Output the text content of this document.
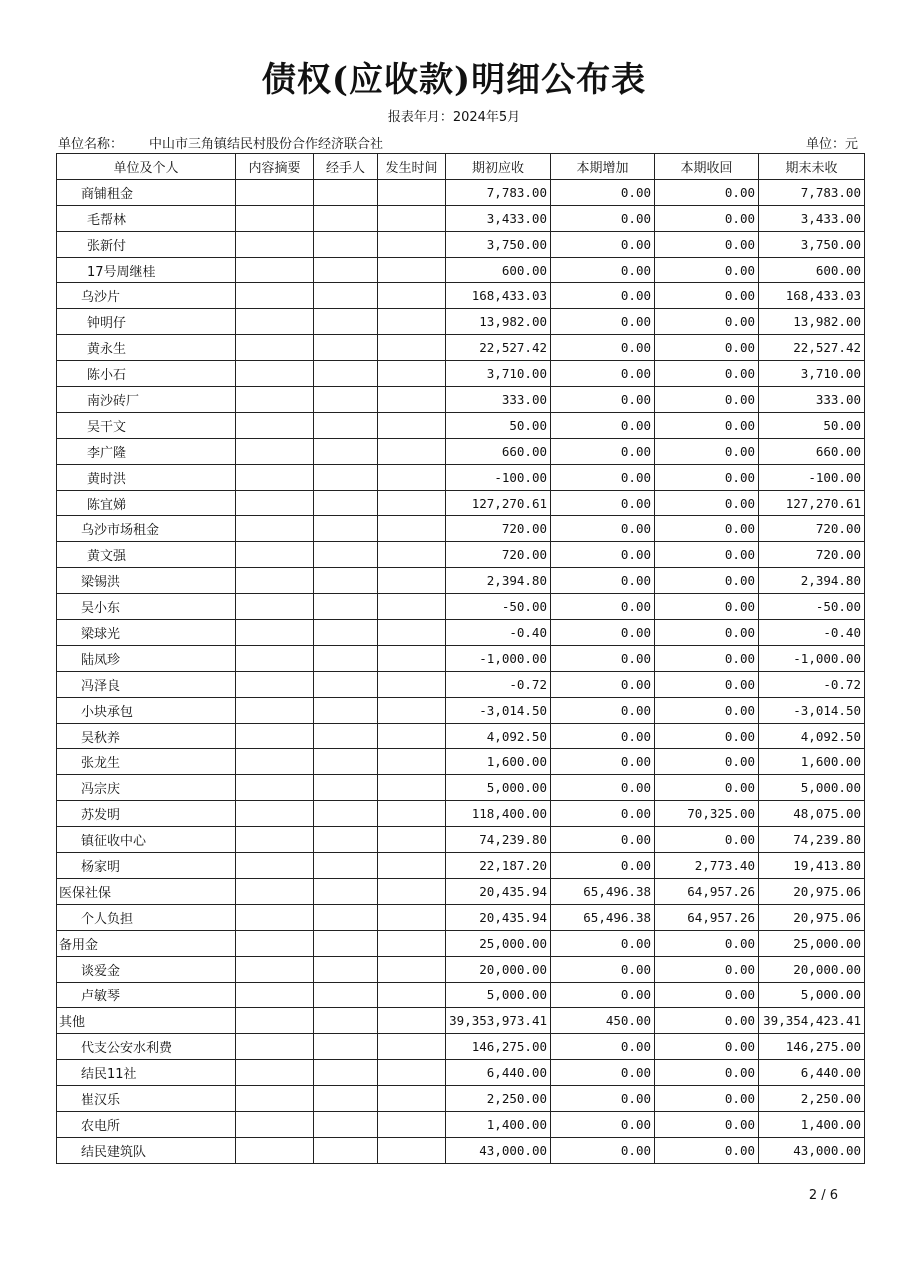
债权(应收款)明细公布表
报表年月：2024年5月
单位名称： 中山市三角镇结民村股份合作经济联合社	单位：元
单位及个人	内容摘要	经手人	发生时间	期初应收	本期增加	本期收回	期末未收
商铺租金				7,783.00	0.00	0.00	7,783.00
毛帮林				3,433.00	0.00	0.00	3,433.00
张新付				3,750.00	0.00	0.00	3,750.00
17号周继桂				600.00	0.00	0.00	600.00
乌沙片				168,433.03	0.00	0.00	168,433.03
钟明仔				13,982.00	0.00	0.00	13,982.00
黄永生				22,527.42	0.00	0.00	22,527.42
陈小石				3,710.00	0.00	0.00	3,710.00
南沙砖厂				333.00	0.00	0.00	333.00
吴干文				50.00	0.00	0.00	50.00
李广隆				660.00	0.00	0.00	660.00
黄时洪				-100.00	0.00	0.00	-100.00
陈宜娣				127,270.61	0.00	0.00	127,270.61
乌沙市场租金				720.00	0.00	0.00	720.00
黄文强				720.00	0.00	0.00	720.00
梁锡洪				2,394.80	0.00	0.00	2,394.80
吴小东				-50.00	0.00	0.00	-50.00
梁球光				-0.40	0.00	0.00	-0.40
陆凤珍				-1,000.00	0.00	0.00	-1,000.00
冯泽良				-0.72	0.00	0.00	-0.72
小块承包				-3,014.50	0.00	0.00	-3,014.50
吴秋养				4,092.50	0.00	0.00	4,092.50
张龙生				1,600.00	0.00	0.00	1,600.00
冯宗庆				5,000.00	0.00	0.00	5,000.00
苏发明				118,400.00	0.00	70,325.00	48,075.00
镇征收中心				74,239.80	0.00	0.00	74,239.80
杨家明				22,187.20	0.00	2,773.40	19,413.80
医保社保				20,435.94	65,496.38	64,957.26	20,975.06
个人负担				20,435.94	65,496.38	64,957.26	20,975.06
备用金				25,000.00	0.00	0.00	25,000.00
谈爱金				20,000.00	0.00	0.00	20,000.00
卢敏琴				5,000.00	0.00	0.00	5,000.00
其他				39,353,973.41	450.00	0.00	39,354,423.41
代支公安水利费				146,275.00	0.00	0.00	146,275.00
结民11社				6,440.00	0.00	0.00	6,440.00
崔汉乐				2,250.00	0.00	0.00	2,250.00
农电所				1,400.00	0.00	0.00	1,400.00
结民建筑队				43,000.00	0.00	0.00	43,000.00
2 / 6
